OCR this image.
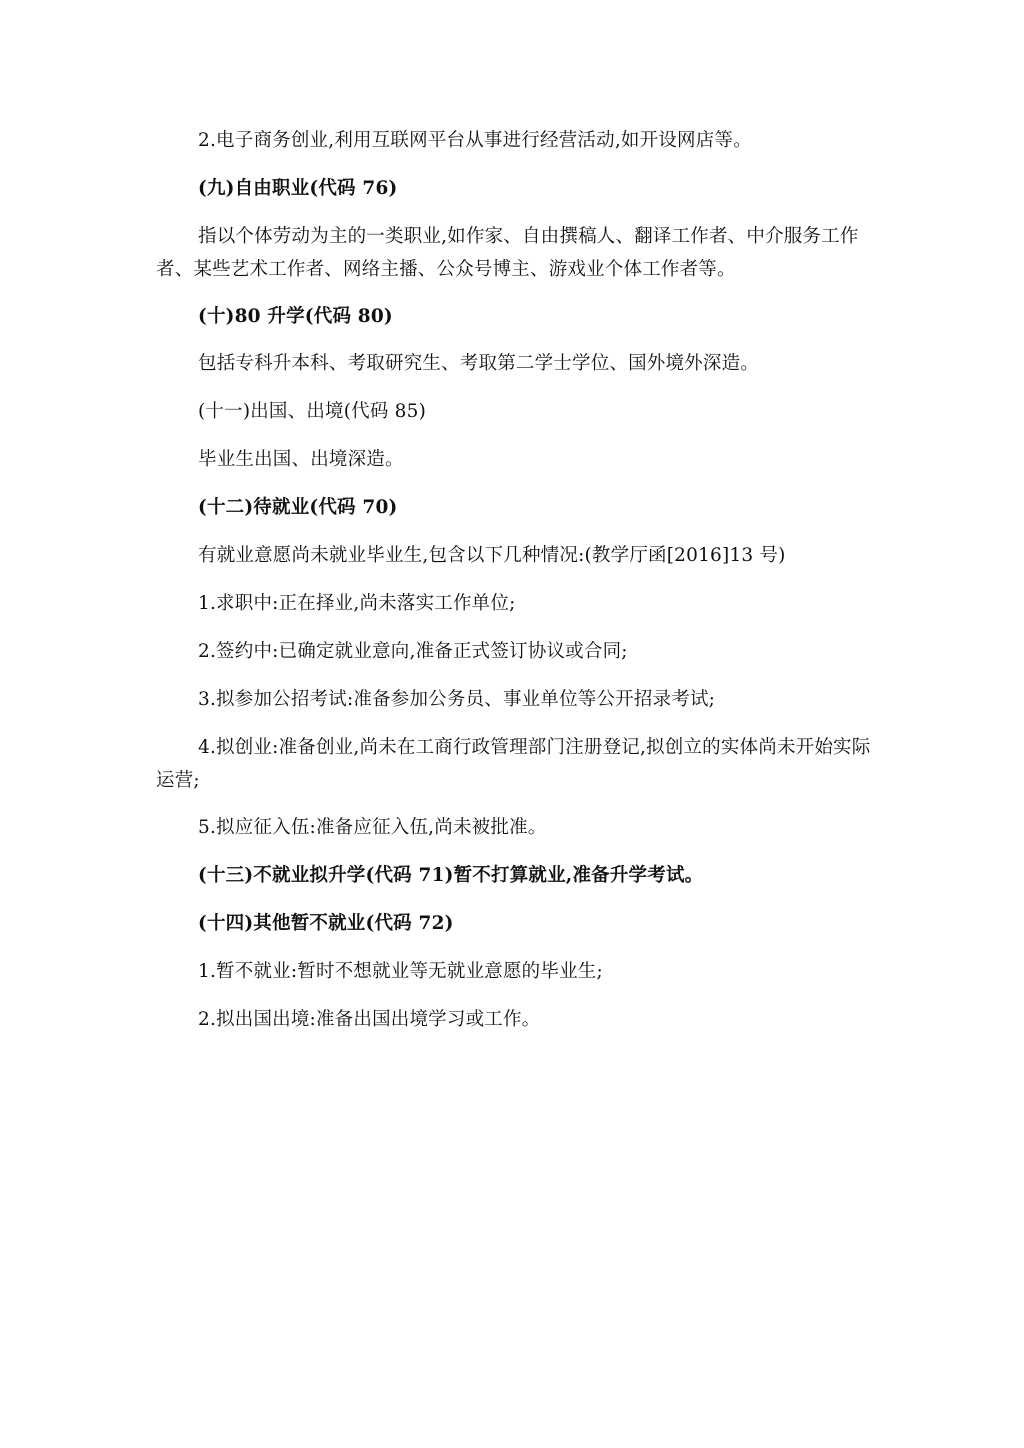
2.电子商务创业,利用互联网平台从事进行经营活动,如开设网店等。

(九)自由职业(代码 76)

指以个体劳动为主的一类职业,如作家、自由撰稿人、翻译工作者、中介服务工作者、某些艺术工作者、网络主播、公众号博主、游戏业个体工作者等。

(十)80 升学(代码 80)

包括专科升本科、考取研究生、考取第二学士学位、国外境外深造。

(十一)出国、出境(代码 85)

毕业生出国、出境深造。

(十二)待就业(代码 70)

有就业意愿尚未就业毕业生,包含以下几种情况:(教学厅函[2016]13 号)

1.求职中:正在择业,尚未落实工作单位;

2.签约中:已确定就业意向,准备正式签订协议或合同;

3.拟参加公招考试:准备参加公务员、事业单位等公开招录考试;

4.拟创业:准备创业,尚未在工商行政管理部门注册登记,拟创立的实体尚未开始实际运营;

5.拟应征入伍:准备应征入伍,尚未被批准。

(十三)不就业拟升学(代码 71)暂不打算就业,准备升学考试。

(十四)其他暂不就业(代码 72)

1.暂不就业:暂时不想就业等无就业意愿的毕业生;

2.拟出国出境:准备出国出境学习或工作。
